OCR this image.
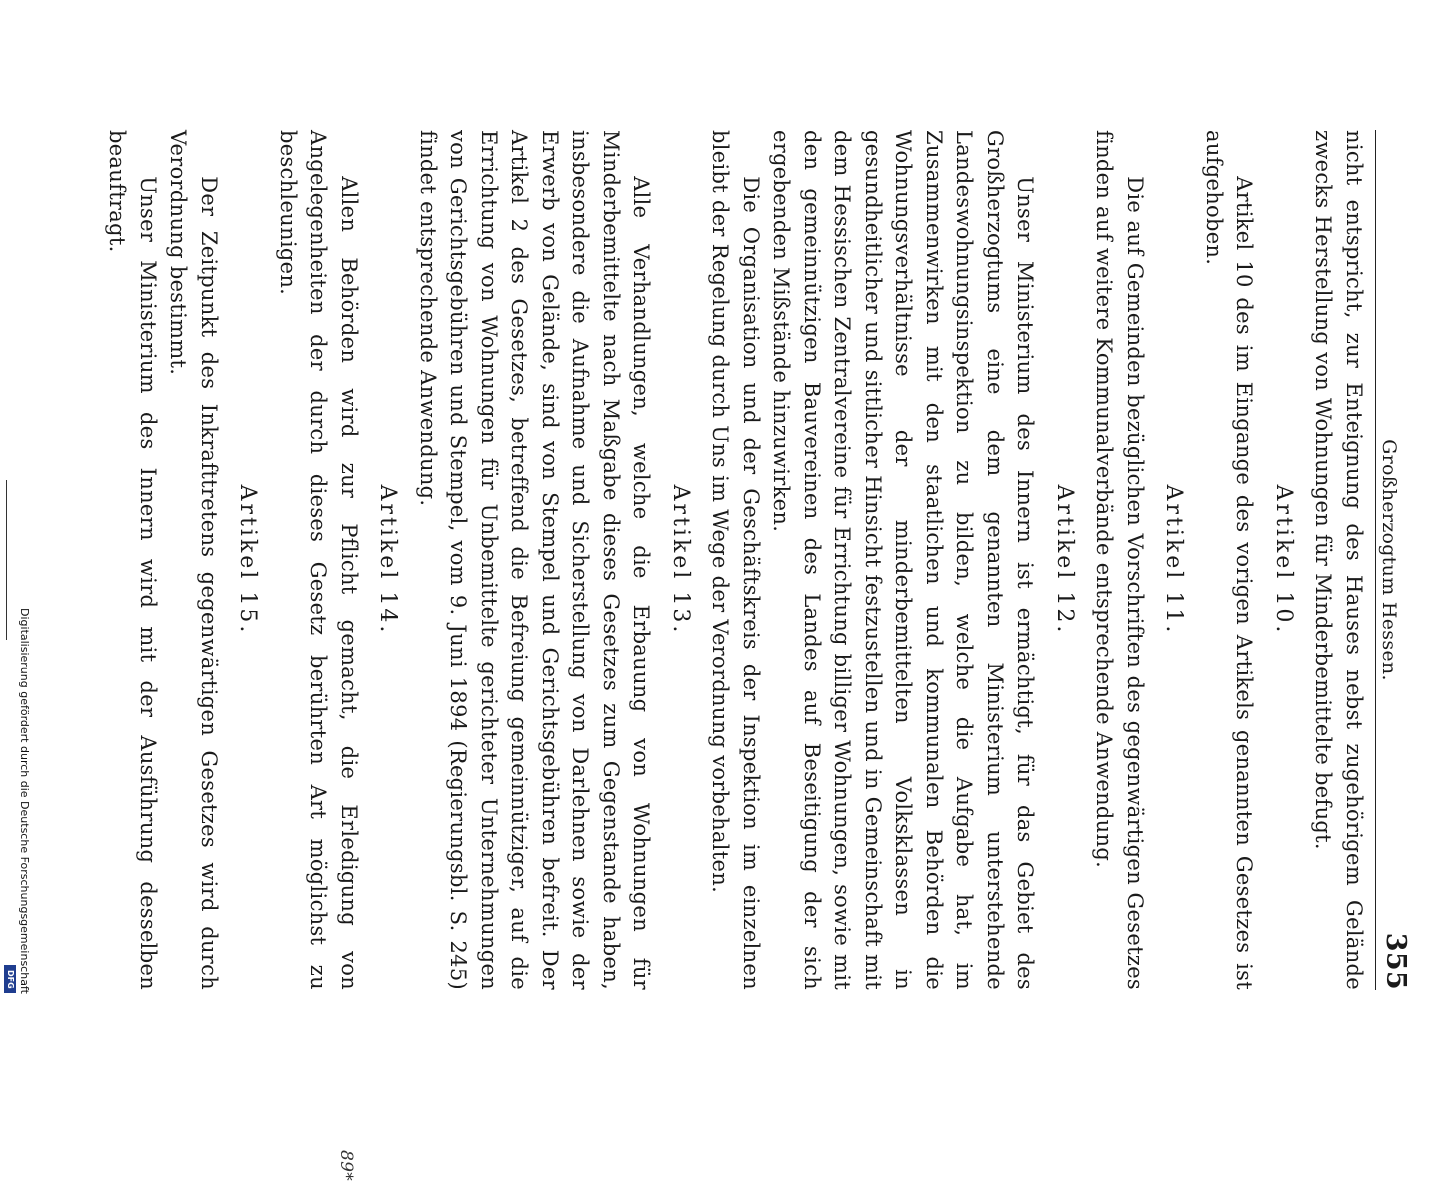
Großherzogtum Hessen.
355

nicht entspricht, zur Enteignung des Hauses nebst zugehörigem Gelände zwecks Herstellung von Wohnungen für Minderbemittelte befugt.

Artikel 10.

Artikel 10 des im Eingange des vorigen Artikels genannten Gesetzes ist aufgehoben.

Artikel 11.

Die auf Gemeinden bezüglichen Vorschriften des gegenwärtigen Gesetzes finden auf weitere Kommunalverbände entsprechende Anwendung.

Artikel 12.

Unser Ministerium des Innern ist ermächtigt, für das Gebiet des Großherzogtums eine dem genannten Ministerium unterstehende Landeswohnungsinspektion zu bilden, welche die Aufgabe hat, im Zusammenwirken mit den staatlichen und kommunalen Behörden die Wohnungsverhältnisse der minderbemittelten Volksklassen in gesundheitlicher und sittlicher Hinsicht festzustellen und in Gemeinschaft mit dem Hessischen Zentralvereine für Errichtung billiger Wohnungen, sowie mit den gemeinnützigen Bauvereinen des Landes auf Beseitigung der sich ergebenden Mißstände hinzuwirken.

Die Organisation und der Geschäftskreis der Inspektion im einzelnen bleibt der Regelung durch Uns im Wege der Verordnung vorbehalten.

Artikel 13.

Alle Verhandlungen, welche die Erbauung von Wohnungen für Minderbemittelte nach Maßgabe dieses Gesetzes zum Gegenstande haben, insbesondere die Aufnahme und Sicherstellung von Darlehnen sowie der Erwerb von Gelände, sind von Stempel und Gerichtsgebühren befreit. Der Artikel 2 des Gesetzes, betreffend die Befreiung gemeinnütziger, auf die Errichtung von Wohnungen für Unbemittelte gerichteter Unternehmungen von Gerichtsgebühren und Stempel, vom 9. Juni 1894 (Regierungsbl. S. 245) findet entsprechende Anwendung.

Artikel 14.

Allen Behörden wird zur Pflicht gemacht, die Erledigung von Angelegenheiten der durch dieses Gesetz berührten Art möglichst zu beschleunigen.

Artikel 15.

Der Zeitpunkt des Inkrafttretens gegenwärtigen Gesetzes wird durch Verordnung bestimmt.

Unser Ministerium des Innern wird mit der Ausführung desselben beauftragt.

89*
Digitalisierung gefördert durch die Deutsche Forschungsgemeinschaft
DFG
